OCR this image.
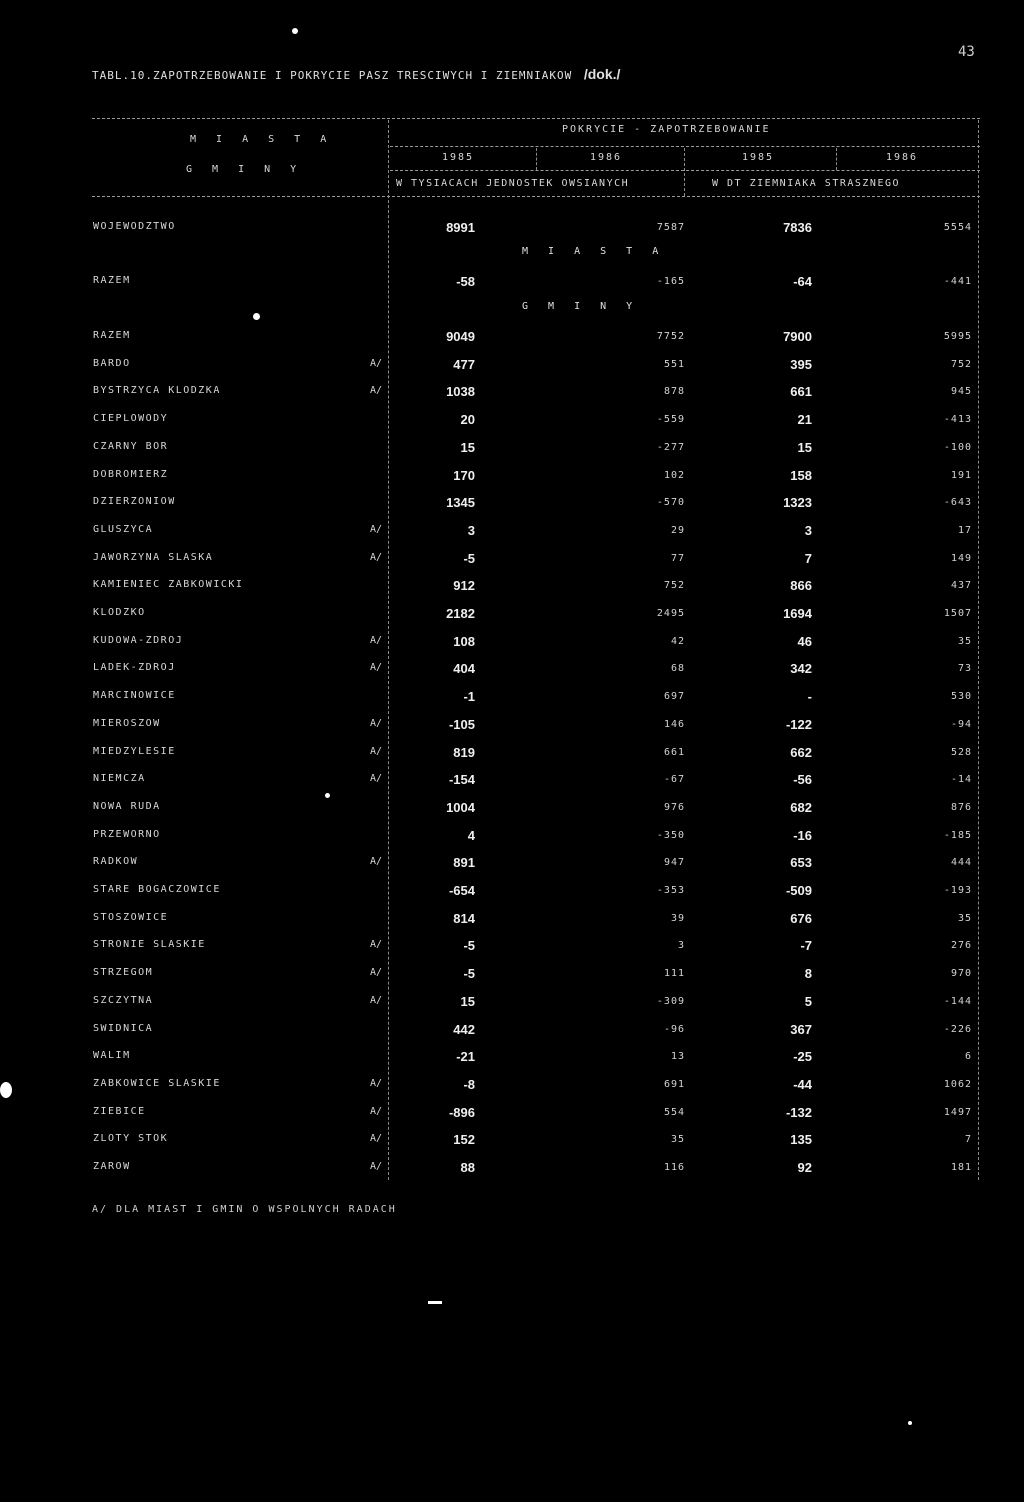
43
TABL.10.ZAPOTRZEBOWANIE I POKRYCIE PASZ TRESCIWYCH I ZIEMNIAKOW /dok./
M I A S T A
G M I N Y
POKRYCIE - ZAPOTRZEBOWANIE
1985	1986	1985	1986
W TYSIACACH JEDNOSTEK OWSIANYCH	W DT ZIEMNIAKA STRASZNEGO
M I A S T A
G M I N Y
WOJEWODZTWO	8991	7587	7836	5554
RAZEM	-58	-165	-64	-441
RAZEM	9049	7752	7900	5995
BARDO	A/	477	551	395	752
BYSTRZYCA KLODZKA	A/	1038	878	661	945
CIEPLOWODY	20	-559	21	-413
CZARNY BOR	15	-277	15	-100
DOBROMIERZ	170	102	158	191
DZIERZONIOW	1345	-570	1323	-643
GLUSZYCA	A/	3	29	3	17
JAWORZYNA SLASKA	A/	-5	77	7	149
KAMIENIEC ZABKOWICKI	912	752	866	437
KLODZKO	2182	2495	1694	1507
KUDOWA-ZDROJ	A/	108	42	46	35
LADEK-ZDROJ	A/	404	68	342	73
MARCINOWICE	-1	697	-	530
MIEROSZOW	A/	-105	146	-122	-94
MIEDZYLESIE	A/	819	661	662	528
NIEMCZA	A/	-154	-67	-56	-14
NOWA RUDA	1004	976	682	876
PRZEWORNO	4	-350	-16	-185
RADKOW	A/	891	947	653	444
STARE BOGACZOWICE	-654	-353	-509	-193
STOSZOWICE	814	39	676	35
STRONIE SLASKIE	A/	-5	3	-7	276
STRZEGOM	A/	-5	111	8	970
SZCZYTNA	A/	15	-309	5	-144
SWIDNICA	442	-96	367	-226
WALIM	-21	13	-25	6
ZABKOWICE SLASKIE	A/	-8	691	-44	1062
ZIEBICE	A/	-896	554	-132	1497
ZLOTY STOK	A/	152	35	135	7
ZAROW	A/	88	116	92	181
A/ DLA MIAST I GMIN O WSPOLNYCH RADACH
